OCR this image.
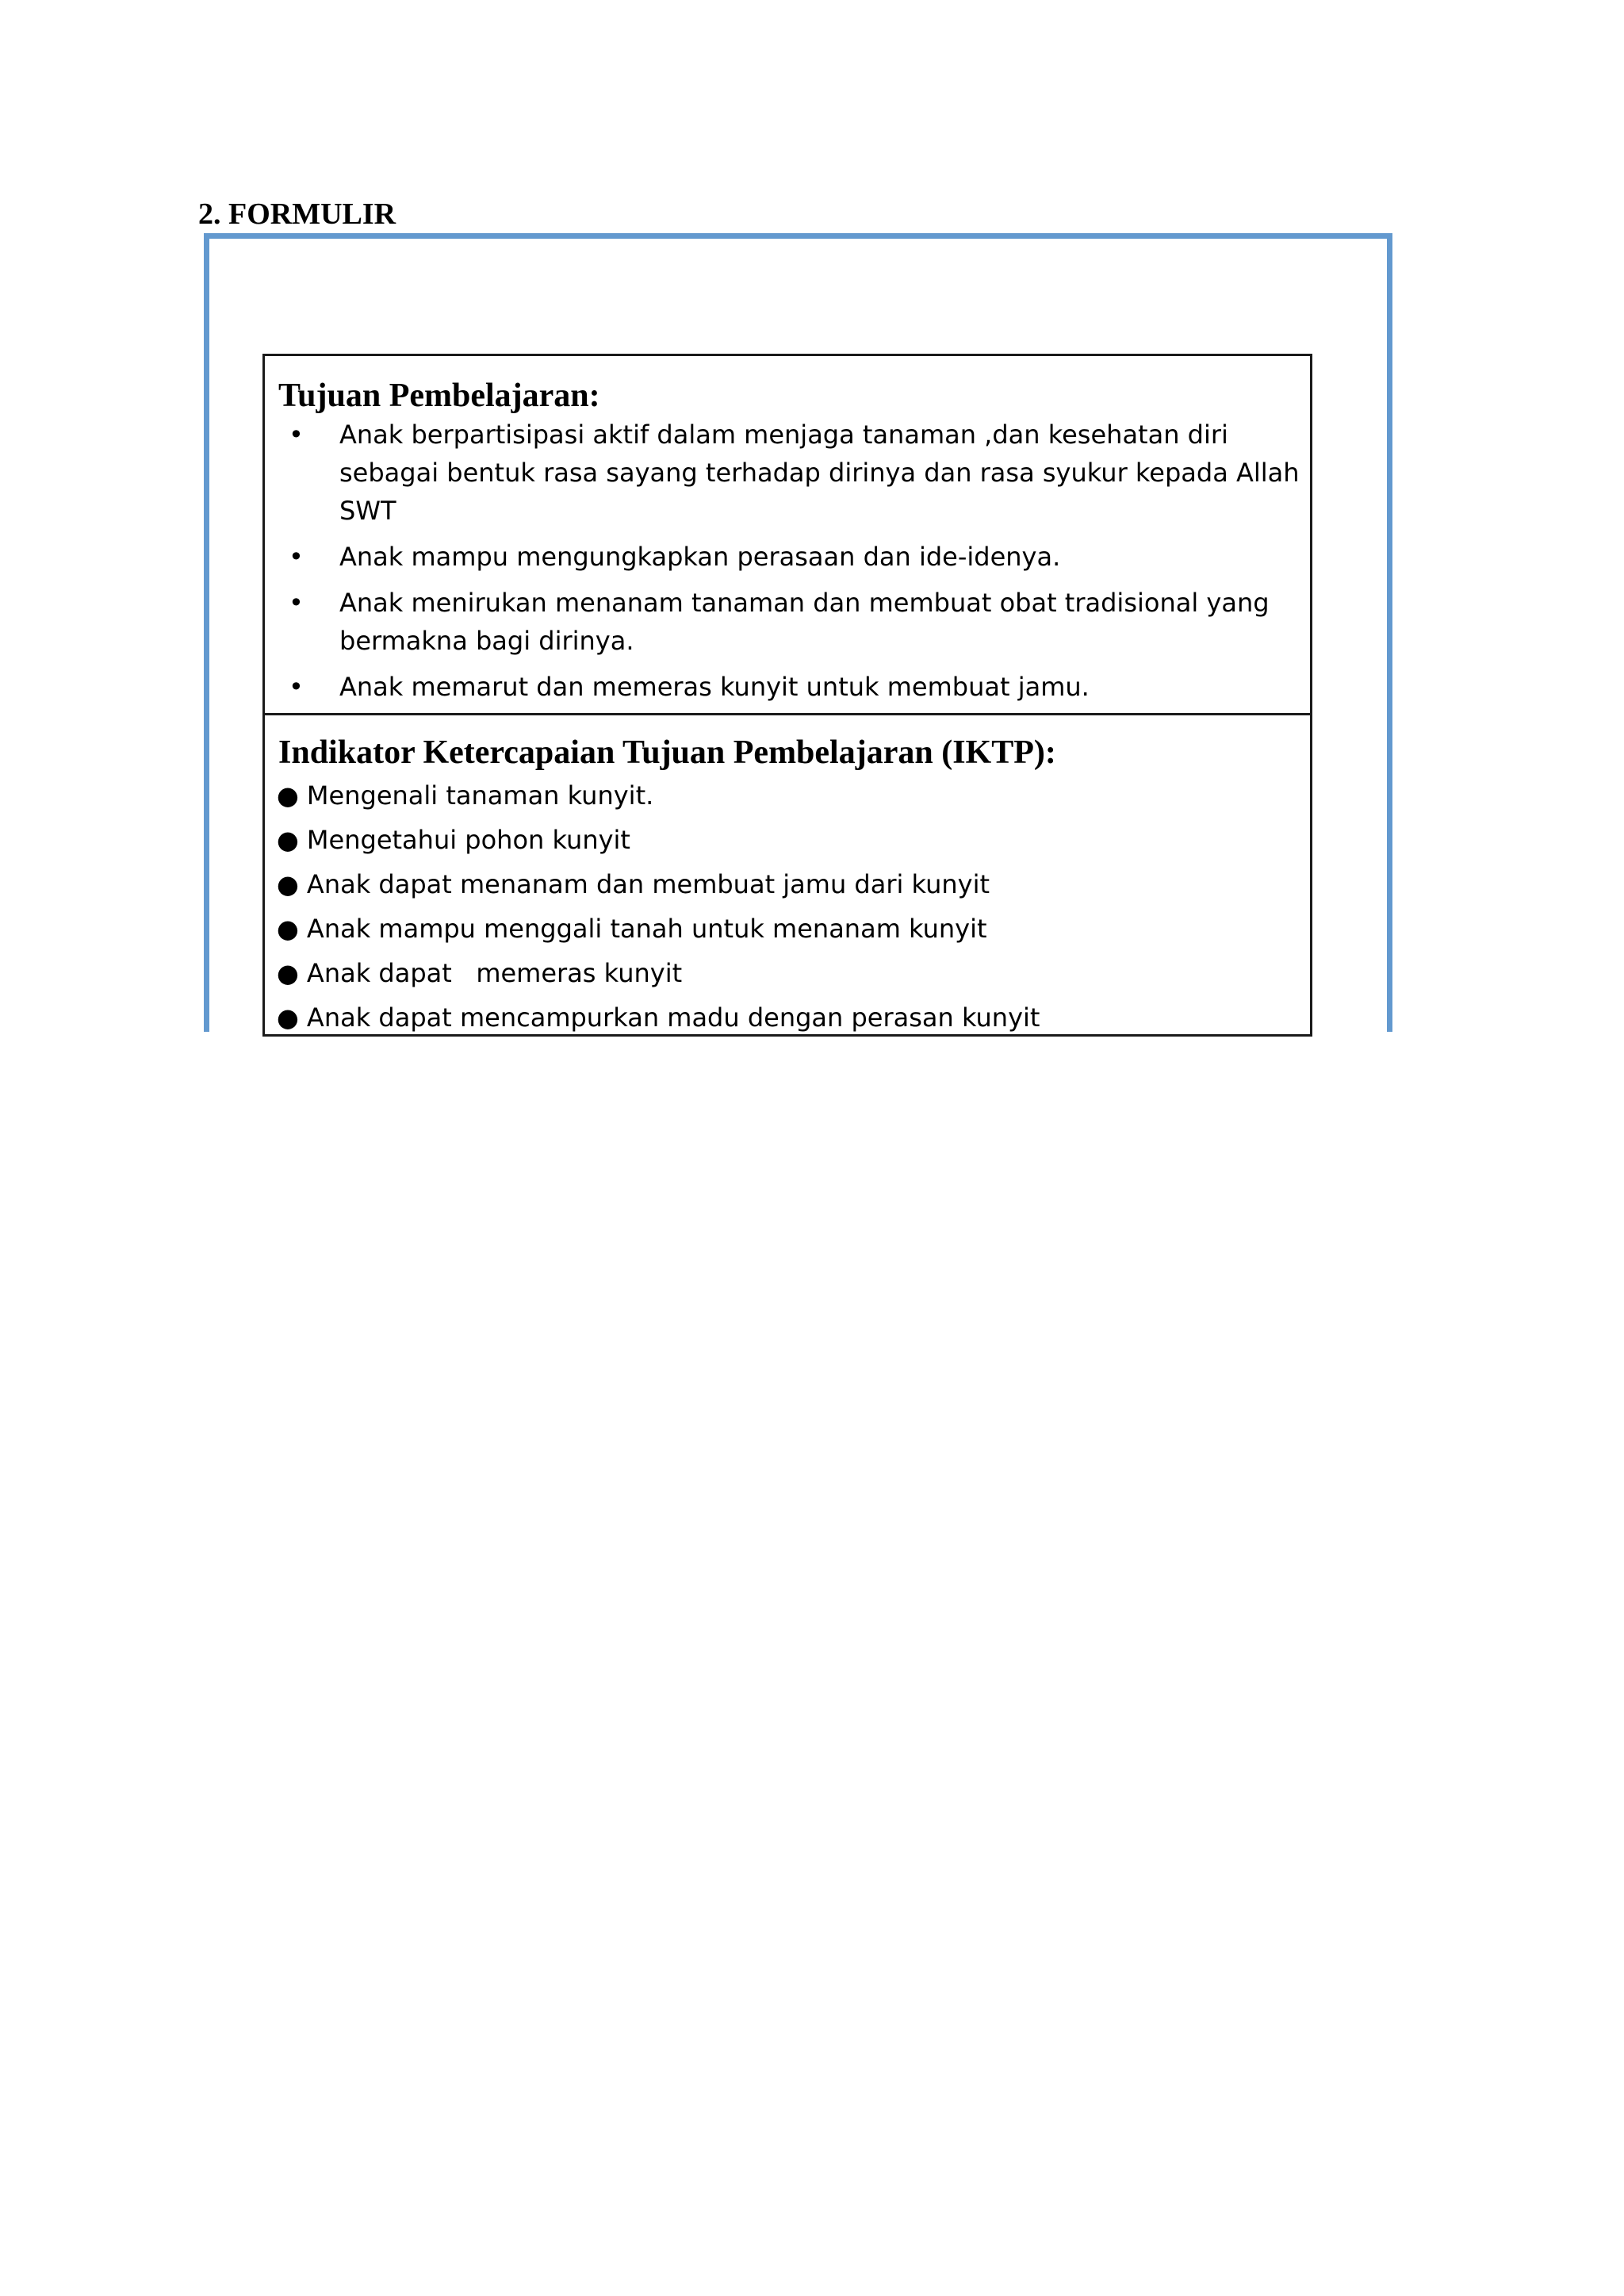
2. FORMULIR
Tujuan Pembelajaran:
• Anak berpartisipasi aktif dalam menjaga tanaman ,dan kesehatan diri sebagai bentuk rasa sayang terhadap dirinya dan rasa syukur kepada Allah SWT
• Anak mampu mengungkapkan perasaan dan ide-idenya.
• Anak menirukan menanam tanaman dan membuat obat tradisional yang bermakna bagi dirinya.
• Anak memarut dan memeras kunyit untuk membuat jamu.
Indikator Ketercapaian Tujuan Pembelajaran (IKTP):
● Mengenali tanaman kunyit.
● Mengetahui pohon kunyit
● Anak dapat menanam dan membuat jamu dari kunyit
● Anak mampu menggali tanah untuk menanam kunyit
● Anak dapat   memeras kunyit
● Anak dapat mencampurkan madu dengan perasan kunyit
